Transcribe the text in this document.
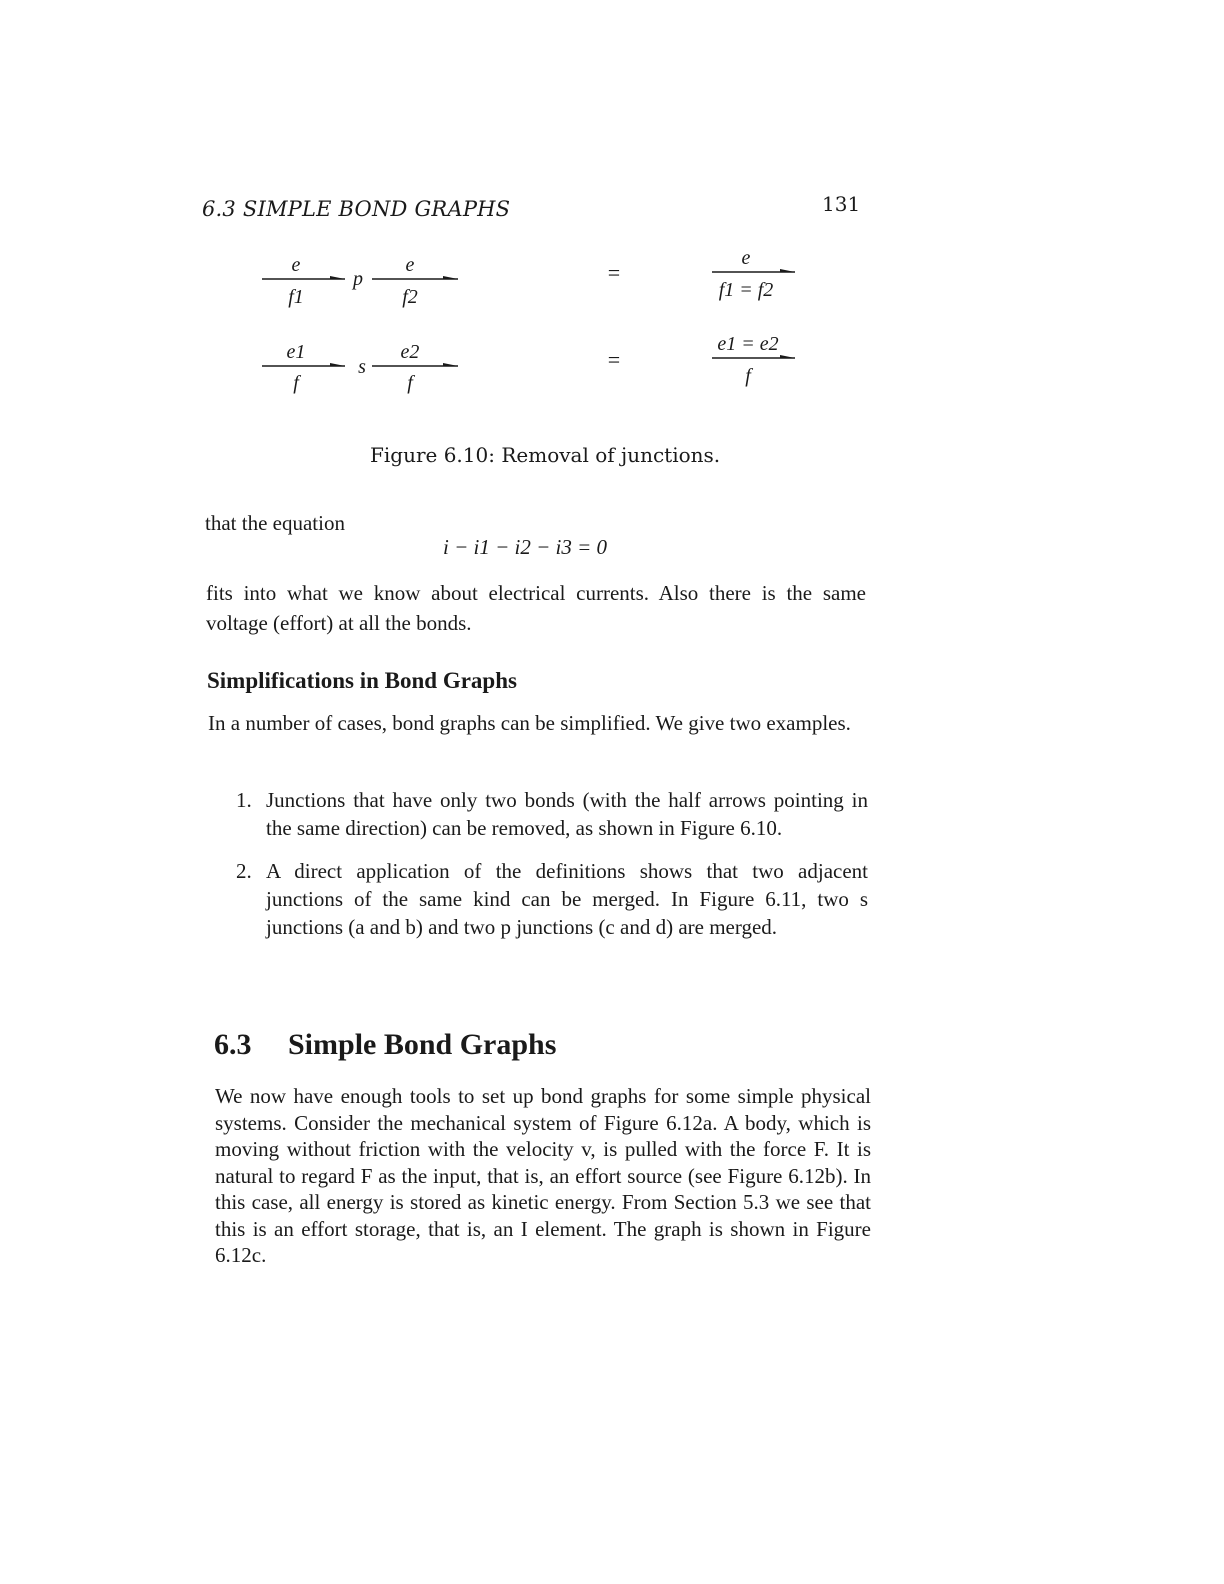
6.3 SIMPLE BOND GRAPHS	131
e
f1
p
e
f2
e
f1 = f2
e1
f
s
e2
f
e1 = e2
f
=
=
Figure 6.10: Removal of junctions.
that the equation
i − i1 − i2 − i3 = 0
fits into what we know about electrical currents. Also there is the same voltage (effort) at all the bonds.
Simplifications in Bond Graphs
In a number of cases, bond graphs can be simplified. We give two examples.
1. Junctions that have only two bonds (with the half arrows pointing in the same direction) can be removed, as shown in Figure 6.10.
2. A direct application of the definitions shows that two adjacent junctions of the same kind can be merged. In Figure 6.11, two s junctions (a and b) and two p junctions (c and d) are merged.
6.3 Simple Bond Graphs
We now have enough tools to set up bond graphs for some simple physical systems. Consider the mechanical system of Figure 6.12a. A body, which is moving without friction with the velocity v, is pulled with the force F. It is natural to regard F as the input, that is, an effort source (see Figure 6.12b). In this case, all energy is stored as kinetic energy. From Section 5.3 we see that this is an effort storage, that is, an I element. The graph is shown in Figure 6.12c.
